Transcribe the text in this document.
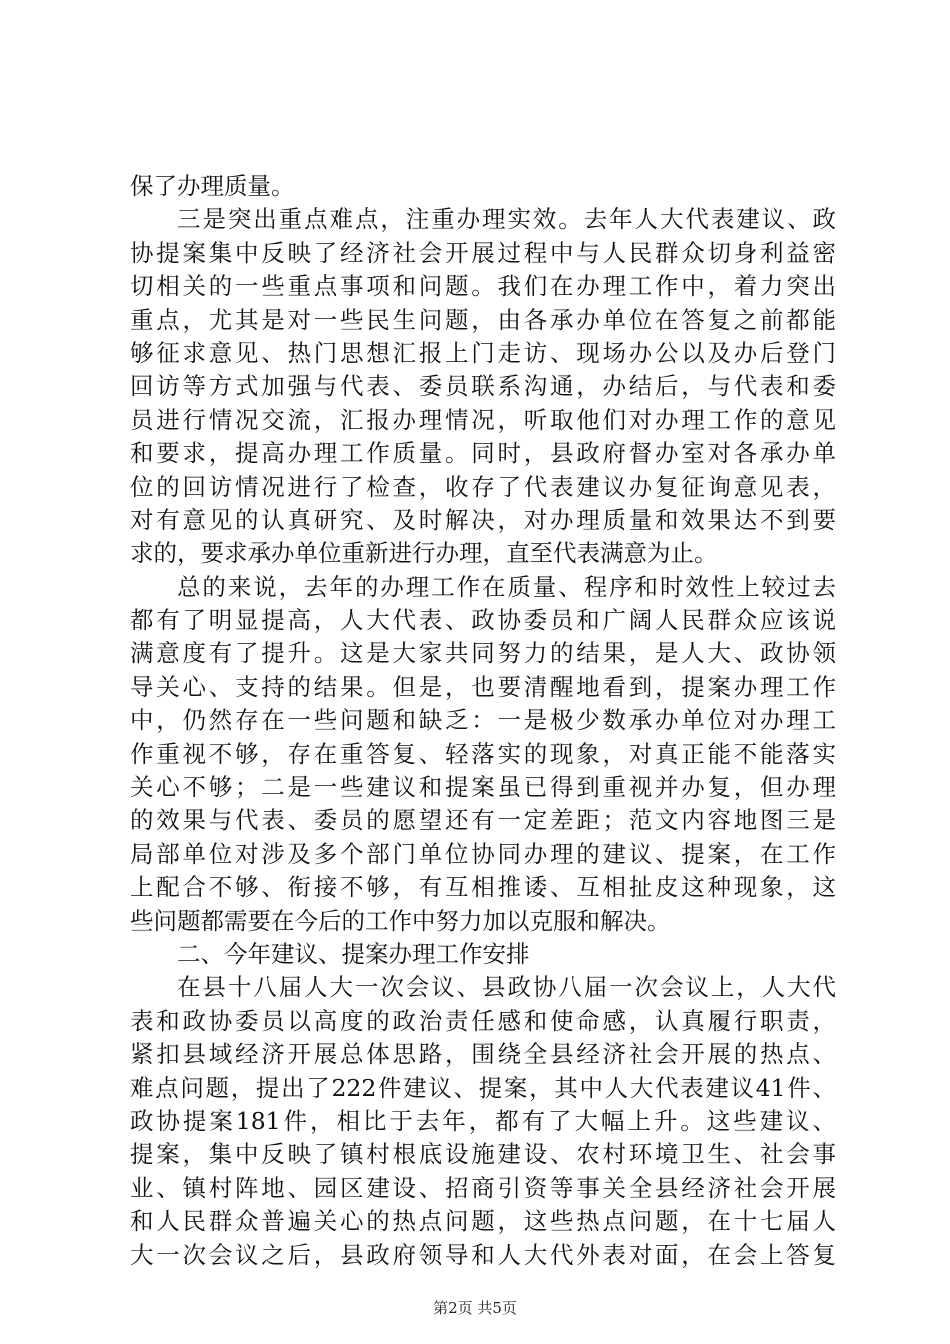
保了办理质量。
三是突出重点难点，注重办理实效。去年人大代表建议、政
协提案集中反映了经济社会开展过程中与人民群众切身利益密
切相关的一些重点事项和问题。我们在办理工作中，着力突出
重点，尤其是对一些民生问题，由各承办单位在答复之前都能
够征求意见、热门思想汇报上门走访、现场办公以及办后登门
回访等方式加强与代表、委员联系沟通，办结后，与代表和委
员进行情况交流，汇报办理情况，听取他们对办理工作的意见
和要求，提高办理工作质量。同时，县政府督办室对各承办单
位的回访情况进行了检查，收存了代表建议办复征询意见表，
对有意见的认真研究、及时解决，对办理质量和效果达不到要
求的，要求承办单位重新进行办理，直至代表满意为止。
总的来说，去年的办理工作在质量、程序和时效性上较过去
都有了明显提高，人大代表、政协委员和广阔人民群众应该说
满意度有了提升。这是大家共同努力的结果，是人大、政协领
导关心、支持的结果。但是，也要清醒地看到，提案办理工作
中，仍然存在一些问题和缺乏：一是极少数承办单位对办理工
作重视不够，存在重答复、轻落实的现象，对真正能不能落实
关心不够；二是一些建议和提案虽已得到重视并办复，但办理
的效果与代表、委员的愿望还有一定差距；范文内容地图三是
局部单位对涉及多个部门单位协同办理的建议、提案，在工作
上配合不够、衔接不够，有互相推诿、互相扯皮这种现象，这
些问题都需要在今后的工作中努力加以克服和解决。
二、今年建议、提案办理工作安排
在县十八届人大一次会议、县政协八届一次会议上，人大代
表和政协委员以高度的政治责任感和使命感，认真履行职责，
紧扣县域经济开展总体思路，围绕全县经济社会开展的热点、
难点问题，提出了222件建议、提案，其中人大代表建议41件、
政协提案181件，相比于去年，都有了大幅上升。这些建议、
提案，集中反映了镇村根底设施建设、农村环境卫生、社会事
业、镇村阵地、园区建设、招商引资等事关全县经济社会开展
和人民群众普遍关心的热点问题，这些热点问题，在十七届人
大一次会议之后，县政府领导和人大代外表对面，在会上答复
第2页 共5页
